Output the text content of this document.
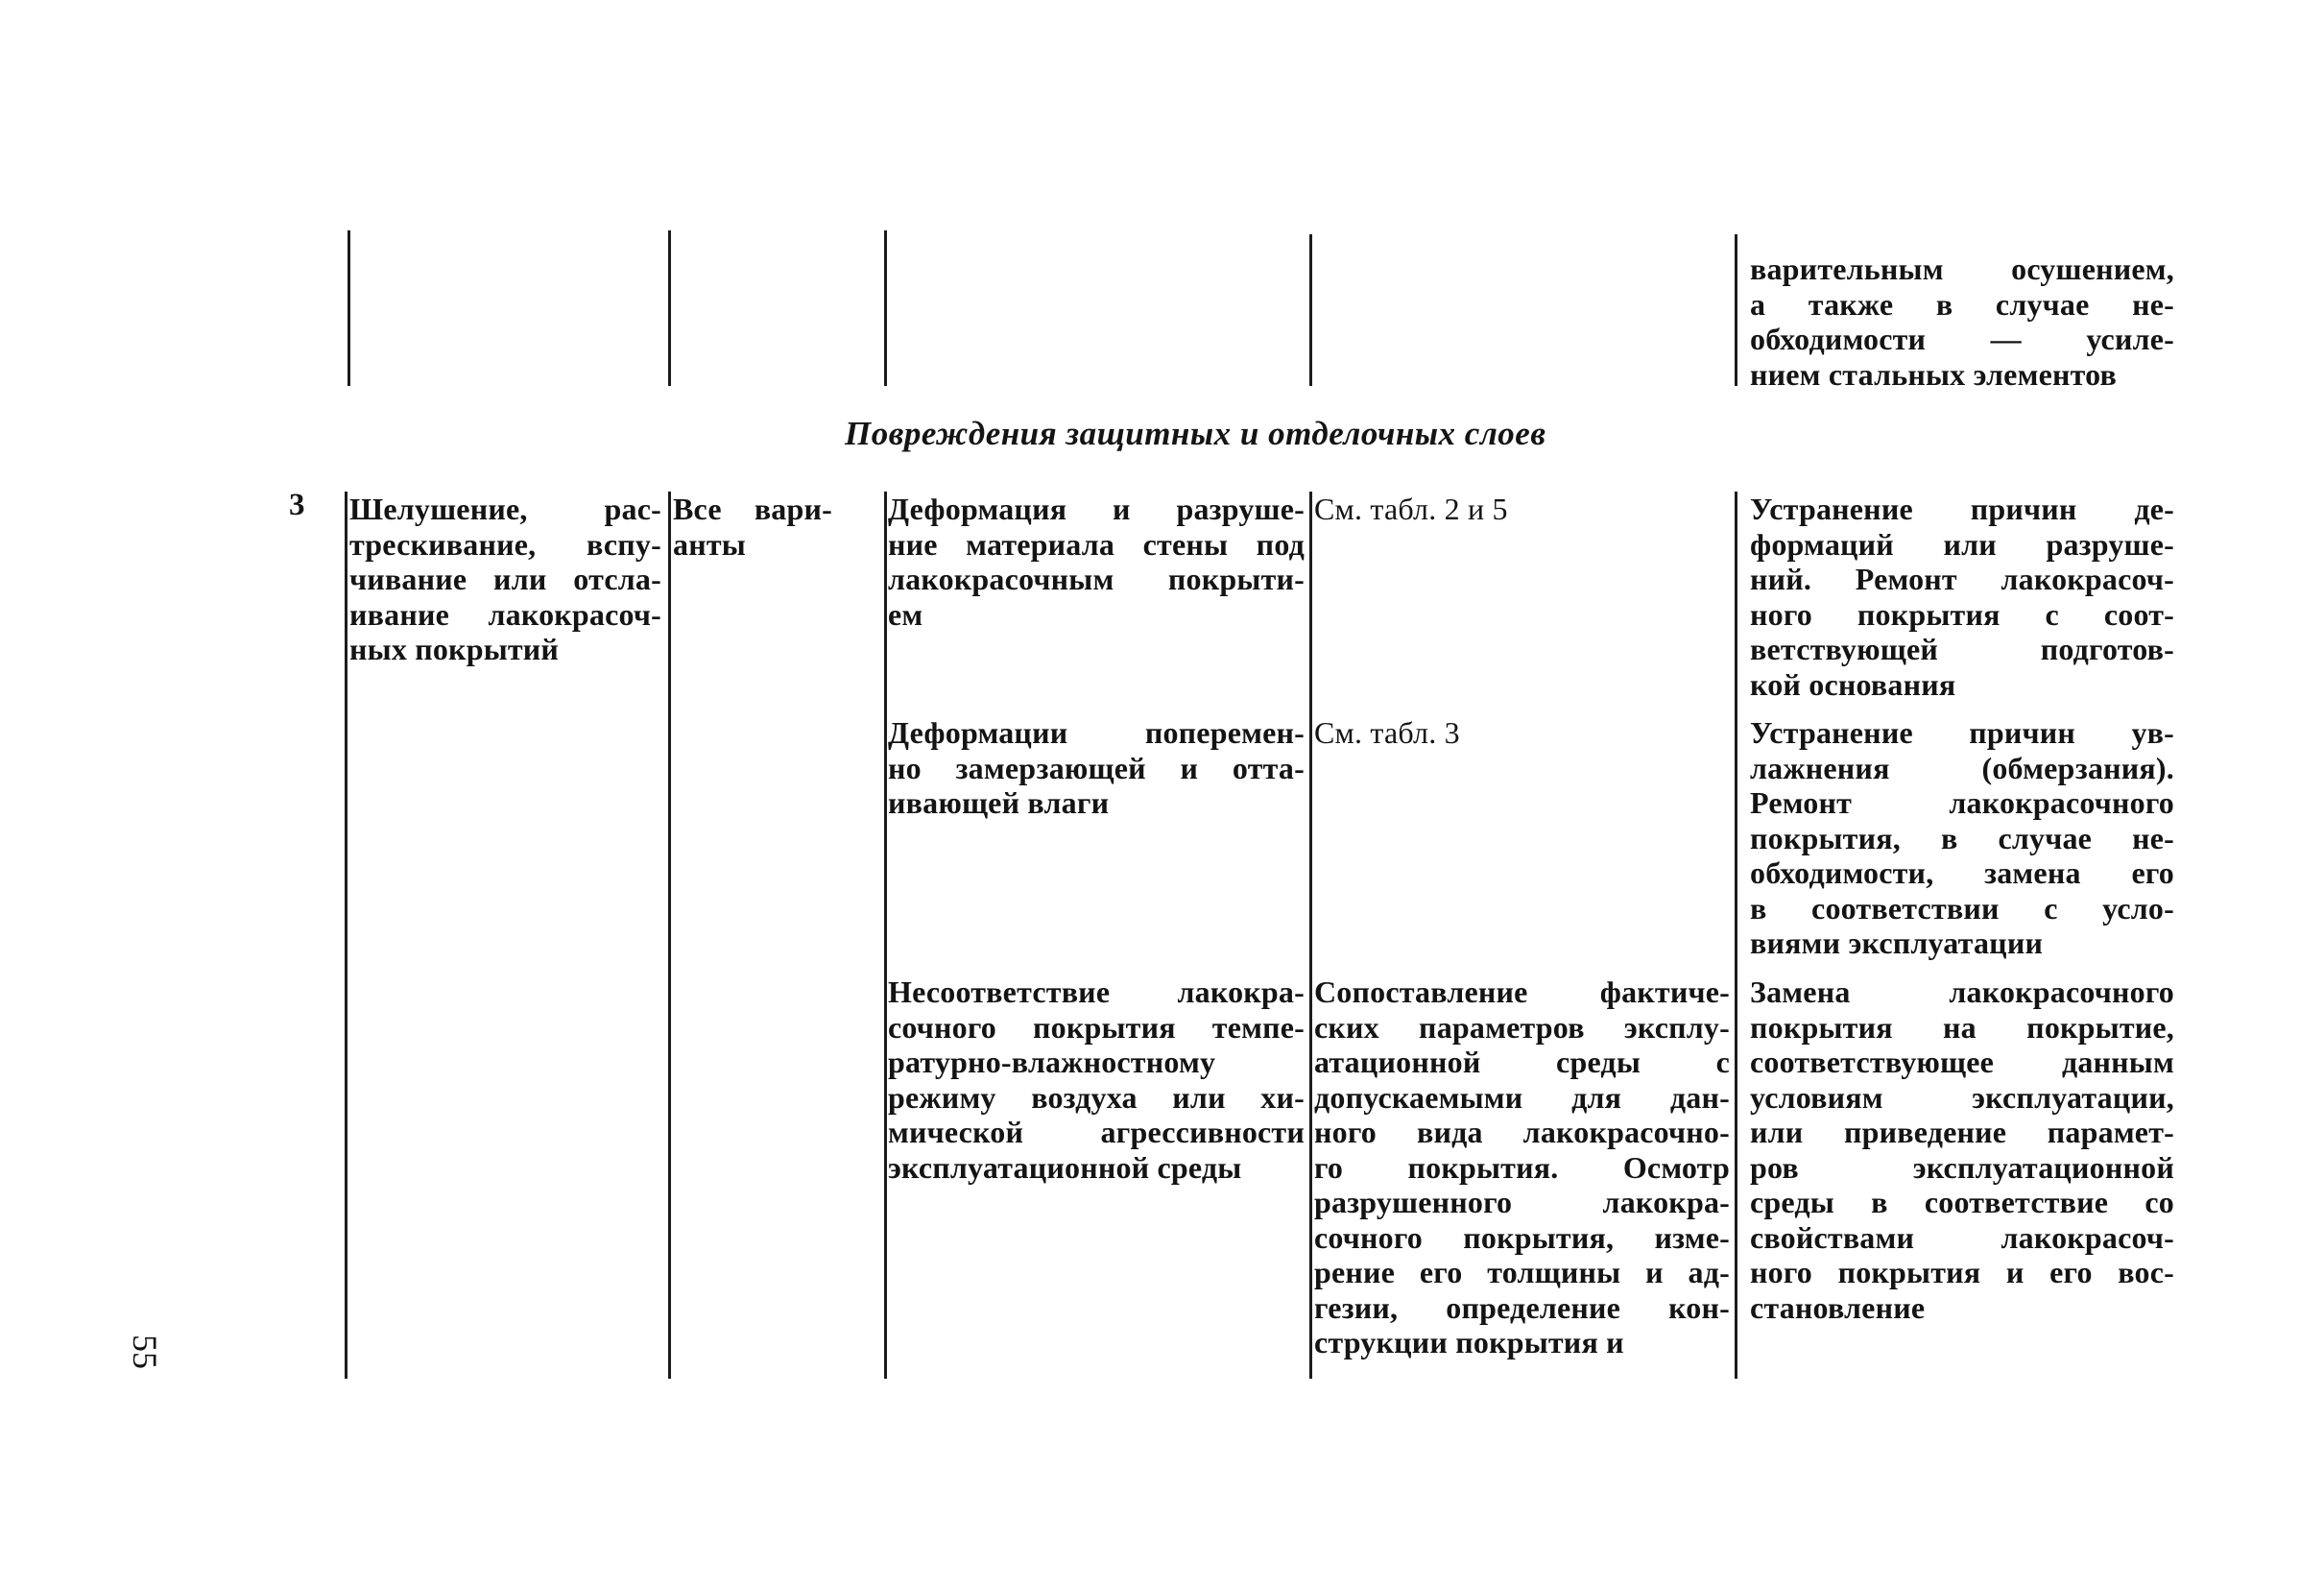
варительным осушением,
а также в случае не-
обходимости — усиле-
нием стальных элементов
Повреждения защитных и отделочных слоев
3 Шелушение, рас-
трескивание, вспу-
чивание или отсла-
ивание лакокрасоч-
ных покрытий
Все вари-
анты
Деформация и разруше-
ние материала стены под
лакокрасочным покрыти-
ем
См. табл. 2 и 5	Устранение причин де-
формаций или разруше-
ний. Ремонт лакокрасоч-
ного покрытия с соот-
ветствующей подготов-
кой основания
Деформации поперемен-
но замерзающей и отта-
ивающей влаги
См. табл. 3	Устранение причин ув-
лажнения (обмерзания).
Ремонт лакокрасочного
покрытия, в случае не-
обходимости, замена его
в соответствии с усло-
виями эксплуатации
Несоответствие лакокра-
сочного покрытия темпе-
ратурно-влажностному
режиму воздуха или хи-
мической агрессивности
эксплуатационной среды
Сопоставление фактиче-
ских параметров эксплу-
атационной среды с
допускаемыми для дан-
ного вида лакокрасочно-
го покрытия. Осмотр
разрушенного лакокра-
сочного покрытия, изме-
рение его толщины и ад-
гезии, определение кон-
струкции покрытия и
Замена лакокрасочного
покрытия на покрытие,
соответствующее данным
условиям эксплуатации,
или приведение парамет-
ров эксплуатационной
среды в соответствие со
свойствами лакокрасоч-
ного покрытия и его вос-
становление
55
